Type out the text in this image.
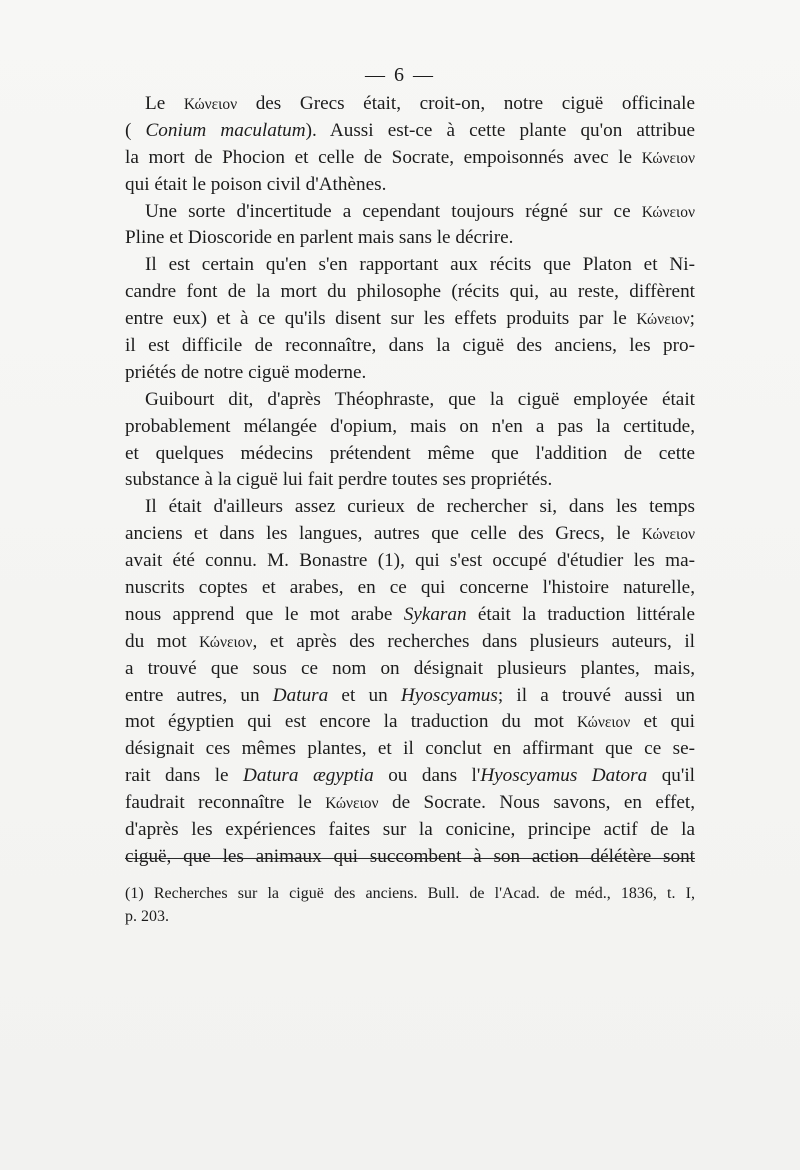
— 6 —
Le Κώνειον des Grecs était, croit-on, notre ciguë officinale
( Conium maculatum). Aussi est-ce à cette plante qu'on attribue
la mort de Phocion et celle de Socrate, empoisonnés avec le Κώνειον
qui était le poison civil d'Athènes.
Une sorte d'incertitude a cependant toujours régné sur ce Κώνειον
Pline et Dioscoride en parlent mais sans le décrire.
Il est certain qu'en s'en rapportant aux récits que Platon et Ni-
candre font de la mort du philosophe (récits qui, au reste, diffèrent
entre eux) et à ce qu'ils disent sur les effets produits par le Κώνειον;
il est difficile de reconnaître, dans la ciguë des anciens, les pro-
priétés de notre ciguë moderne.
Guibourt dit, d'après Théophraste, que la ciguë employée était
probablement mélangée d'opium, mais on n'en a pas la certitude,
et quelques médecins prétendent même que l'addition de cette
substance à la ciguë lui fait perdre toutes ses propriétés.
Il était d'ailleurs assez curieux de rechercher si, dans les temps
anciens et dans les langues, autres que celle des Grecs, le Κώνειον
avait été connu. M. Bonastre (1), qui s'est occupé d'étudier les ma-
nuscrits coptes et arabes, en ce qui concerne l'histoire naturelle,
nous apprend que le mot arabe Sykaran était la traduction littérale
du mot Κώνειον, et après des recherches dans plusieurs auteurs, il
a trouvé que sous ce nom on désignait plusieurs plantes, mais,
entre autres, un Datura et un Hyoscyamus; il a trouvé aussi un
mot égyptien qui est encore la traduction du mot Κώνειον et qui
désignait ces mêmes plantes, et il conclut en affirmant que ce se-
rait dans le Datura ægyptia ou dans l'Hyoscyamus Datora qu'il
faudrait reconnaître le Κώνειον de Socrate. Nous savons, en effet,
d'après les expériences faites sur la conicine, principe actif de la
ciguë, que les animaux qui succombent à son action délétère sont
(1) Recherches sur la ciguë des anciens. Bull. de l'Acad. de méd., 1836, t. I,
p. 203.
